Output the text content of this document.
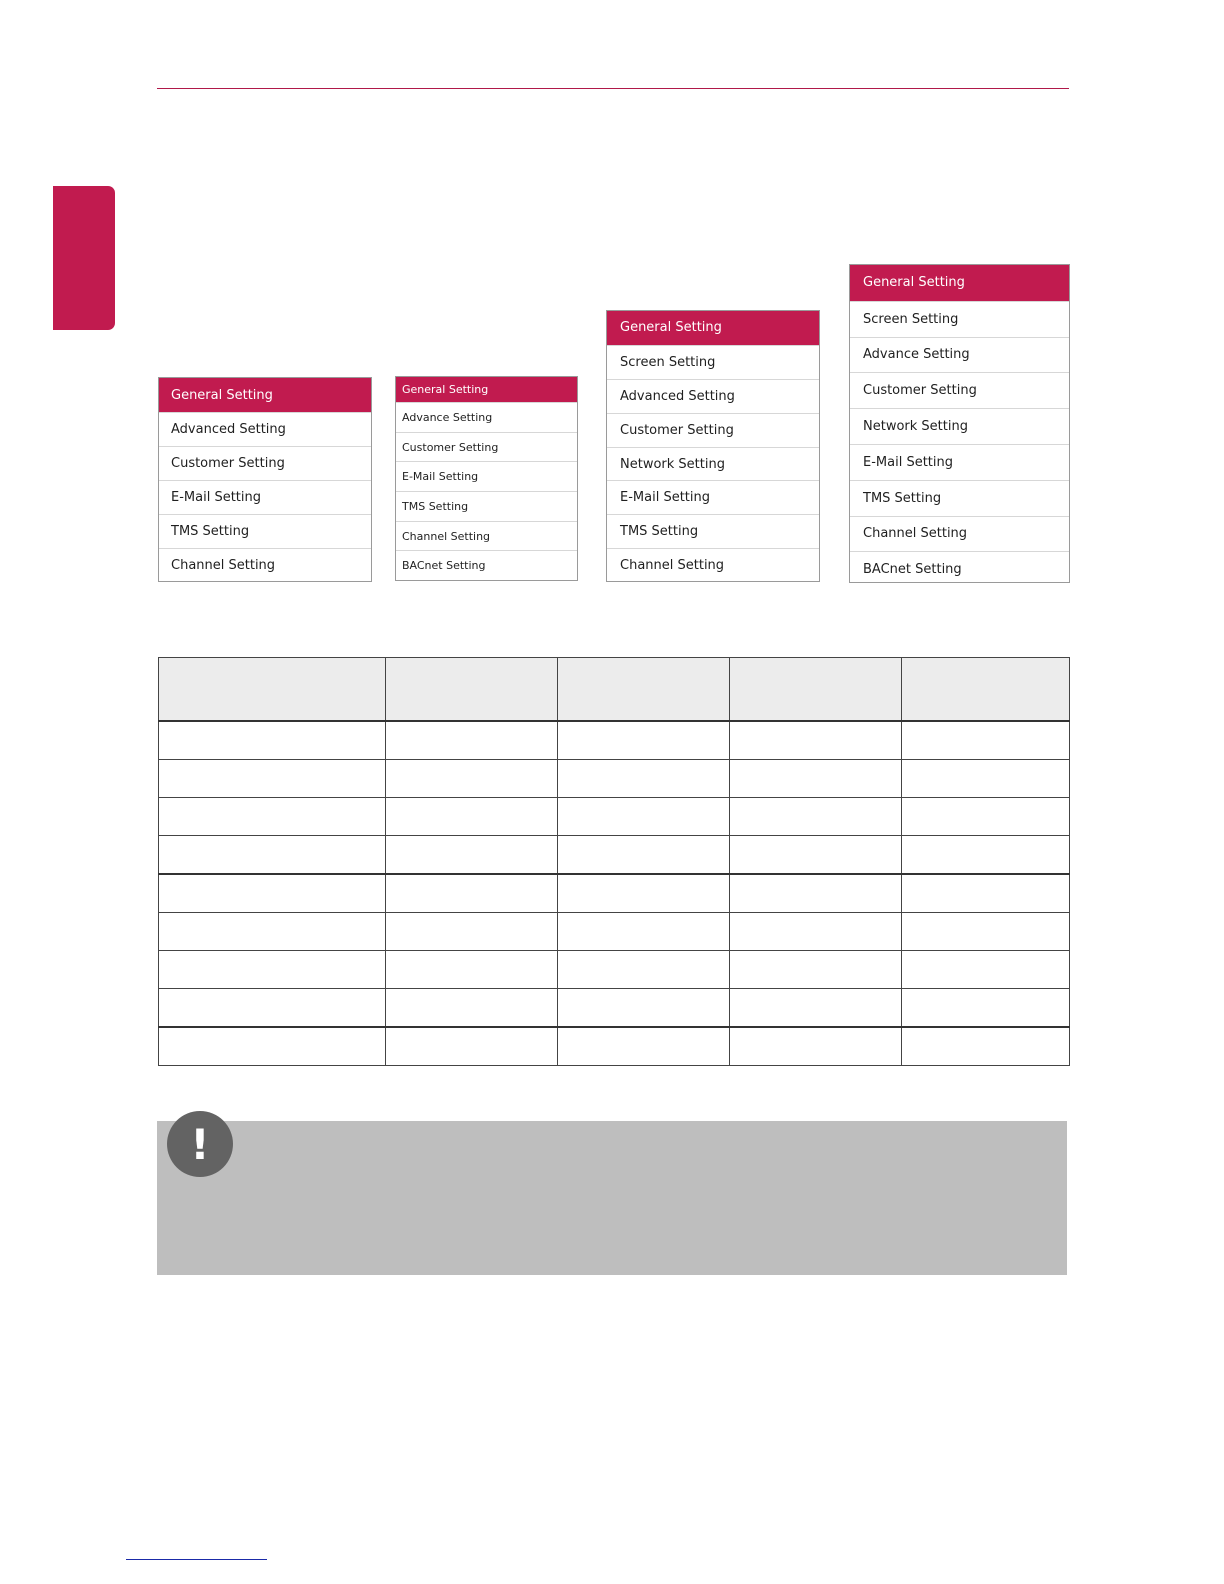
General Setting
Advanced Setting
Customer Setting
E-Mail Setting
TMS Setting
Channel Setting
General Setting
Advance Setting
Customer Setting
E-Mail Setting
TMS Setting
Channel Setting
BACnet Setting
General Setting
Screen Setting
Advanced Setting
Customer Setting
Network Setting
E-Mail Setting
TMS Setting
Channel Setting
General Setting
Screen Setting
Advance Setting
Customer Setting
Network Setting
E-Mail Setting
TMS Setting
Channel Setting
BACnet Setting

!
